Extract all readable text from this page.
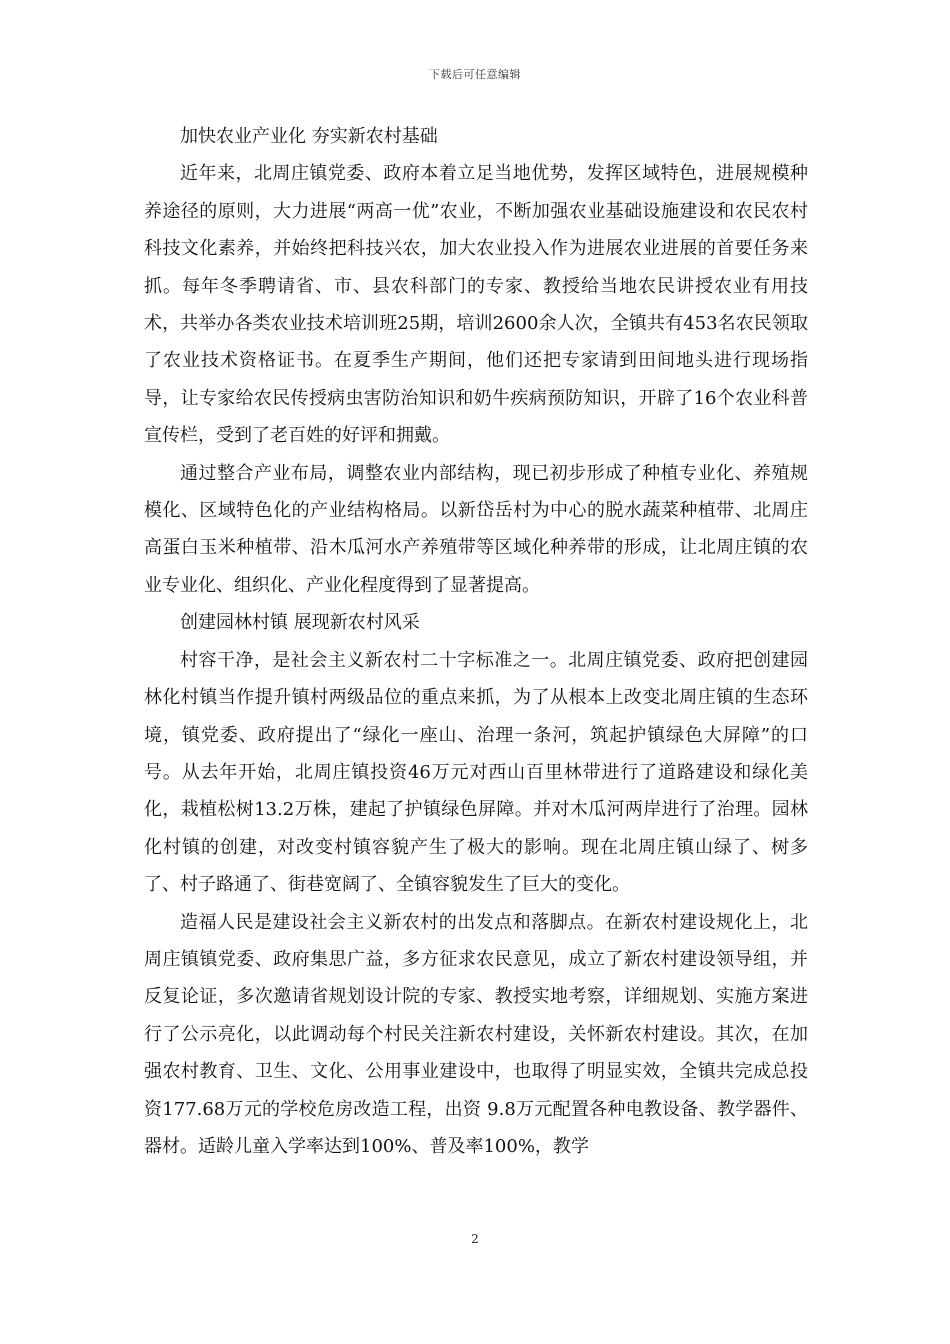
下载后可任意编辑

加快农业产业化 夯实新农村基础

近年来，北周庄镇党委、政府本着立足当地优势，发挥区域特色，进展规模种养途径的原则，大力进展“两高一优”农业，不断加强农业基础设施建设和农民农村科技文化素养，并始终把科技兴农，加大农业投入作为进展农业进展的首要任务来抓。每年冬季聘请省、市、县农科部门的专家、教授给当地农民讲授农业有用技术，共举办各类农业技术培训班25期，培训2600余人次，全镇共有453名农民领取了农业技术资格证书。在夏季生产期间，他们还把专家请到田间地头进行现场指导，让专家给农民传授病虫害防治知识和奶牛疾病预防知识，开辟了16个农业科普宣传栏，受到了老百姓的好评和拥戴。

通过整合产业布局，调整农业内部结构，现已初步形成了种植专业化、养殖规模化、区域特色化的产业结构格局。以新岱岳村为中心的脱水蔬菜种植带、北周庄高蛋白玉米种植带、沿木瓜河水产养殖带等区域化种养带的形成，让北周庄镇的农业专业化、组织化、产业化程度得到了显著提高。

创建园林村镇 展现新农村风采

村容干净，是社会主义新农村二十字标准之一。北周庄镇党委、政府把创建园林化村镇当作提升镇村两级品位的重点来抓，为了从根本上改变北周庄镇的生态环境，镇党委、政府提出了“绿化一座山、治理一条河，筑起护镇绿色大屏障”的口号。从去年开始，北周庄镇投资46万元对西山百里林带进行了道路建设和绿化美化，栽植松树13.2万株，建起了护镇绿色屏障。并对木瓜河两岸进行了治理。园林化村镇的创建，对改变村镇容貌产生了极大的影响。现在北周庄镇山绿了、树多了、村子路通了、街巷宽阔了、全镇容貌发生了巨大的变化。

造福人民是建设社会主义新农村的出发点和落脚点。在新农村建设规化上，北周庄镇镇党委、政府集思广益，多方征求农民意见，成立了新农村建设领导组，并反复论证，多次邀请省规划设计院的专家、教授实地考察，详细规划、实施方案进行了公示亮化，以此调动每个村民关注新农村建设，关怀新农村建设。其次，在加强农村教育、卫生、文化、公用事业建设中，也取得了明显实效，全镇共完成总投资177.68万元的学校危房改造工程，出资 9.8万元配置各种电教设备、教学器件、器材。适龄儿童入学率达到100%、普及率100%，教学

2
